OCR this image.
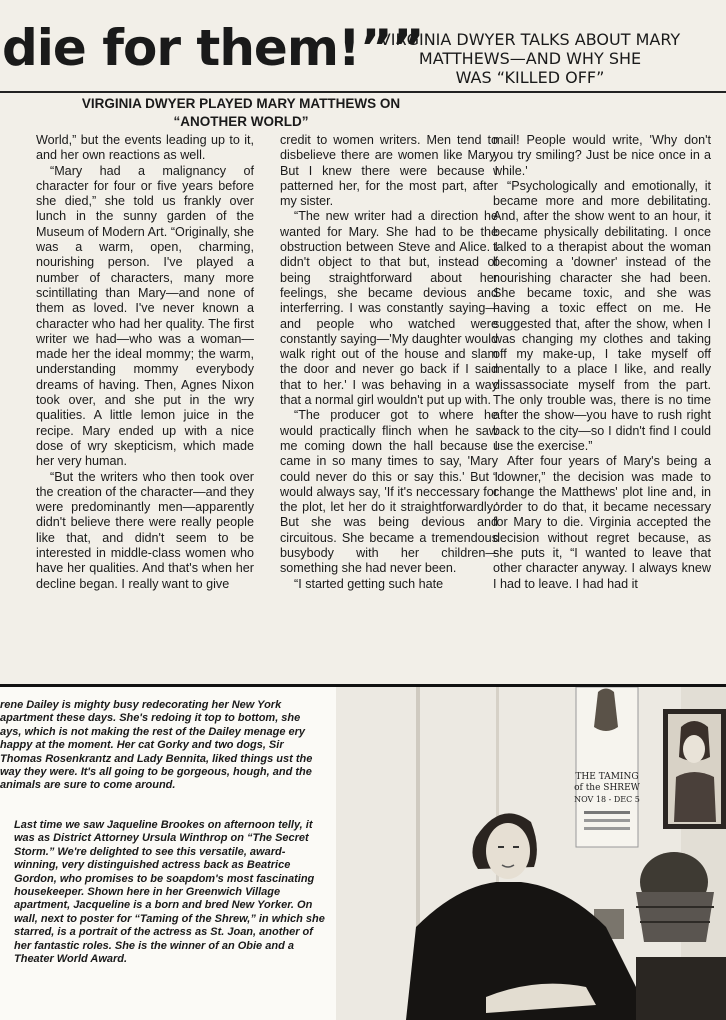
die for them!””
VIRGINIA DWYER TALKS ABOUT MARY
MATTHEWS—AND WHY SHE
WAS “KILLED OFF”
VIRGINIA DWYER PLAYED MARY MATTHEWS ON
“ANOTHER WORLD”

World,” but the events leading up to it, and her own reactions as well.

“Mary had a malignancy of character for four or five years before she died,” she told us frankly over lunch in the sunny garden of the Museum of Modern Art. “Originally, she was a warm, open, charming, nourishing person. I've played a number of characters, many more scintillating than Mary—and none of them as loved. I've never known a character who had her quality. The first writer we had—who was a woman—made her the ideal mommy; the warm, understanding mommy everybody dreams of having. Then, Agnes Nixon took over, and she put in the wry qualities. A little lemon juice in the recipe. Mary ended up with a nice dose of wry skepticism, which made her very human.

“But the writers who then took over the creation of the character—and they were predominantly men—apparently didn't believe there were really people like that, and didn't seem to be interested in middle-class women who have her qualities. And that's when her decline began. I really want to give

credit to women writers. Men tend to disbelieve there are women like Mary. But I knew there were because I patterned her, for the most part, after my sister.

“The new writer had a direction he wanted for Mary. She had to be the obstruction between Steve and Alice. I didn't object to that but, instead of being straightforward about her feelings, she became devious and interferring. I was constantly saying—and people who watched were constantly saying—'My daughter would walk right out of the house and slam the door and never go back if I said that to her.' I was behaving in a way that a normal girl wouldn't put up with.

“The producer got to where he would practically flinch when he saw me coming down the hall because I came in so many times to say, 'Mary could never do this or say this.' But I would always say, 'If it's neccessary for the plot, let her do it straightforwardly.' But she was being devious and circuitous. She became a tremendous busybody with her children—something she had never been.

“I started getting such hate

mail! People would write, 'Why don't you try smiling? Just be nice once in a while.'

“Psychologically and emotionally, it became more and more debilitating. And, after the show went to an hour, it became physically debilitating. I once talked to a therapist about the woman becoming a 'downer' instead of the nourishing character she had been. She became toxic, and she was having a toxic effect on me. He suggested that, after the show, when I was changing my clothes and taking off my make-up, I take myself off mentally to a place I like, and really dissassociate myself from the part. The only trouble was, there is no time after the show—you have to rush right back to the city—so I didn't find I could use the exercise.”

After four years of Mary's being a “downer,” the decision was made to change the Matthews' plot line and, in order to do that, it became necessary for Mary to die. Virginia accepted the decision without regret because, as she puts it, “I wanted to leave that other character anyway. I always knew I had to leave. I had had it

rene Dailey is mighty busy redecorating her New York apartment these days. She's redoing it top to bottom, she ays, which is not making the rest of the Dailey menage ery happy at the moment. Her cat Gorky and two dogs, Sir Thomas Rosenkrantz and Lady Bennita, liked things ust the way they were. It's all going to be gorgeous, hough, and the animals are sure to come around.
Last time we saw Jaqueline Brookes on afternoon telly, it was as District Attorney Ursula Winthrop on “The Secret Storm.” We're delighted to see this versatile, award-winning, very distinguished actress back as Beatrice Gordon, who promises to be soapdom's most fascinating housekeeper. Shown here in her Greenwich Village apartment, Jacqueline is a born and bred New Yorker. On wall, next to poster for “Taming of the Shrew,” in which she starred, is a portrait of the actress as St. Joan, another of her fantastic roles. She is the winner of an Obie and a Theater World Award.
THE TAMING
of the SHREW
NOV 18 - DEC 5
